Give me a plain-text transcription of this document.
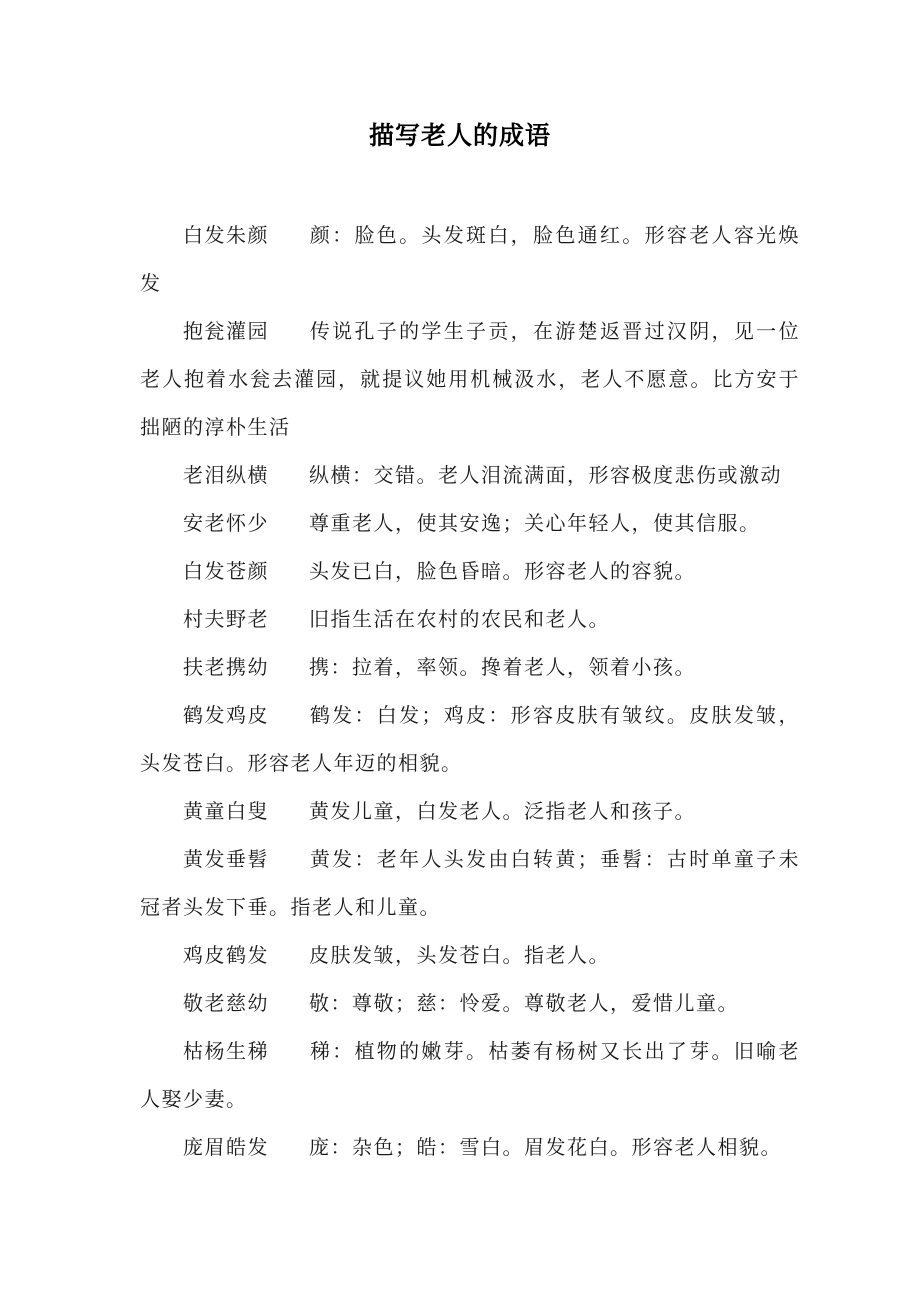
描写老人的成语

白发朱颜 颜：脸色。头发斑白，脸色通红。形容老人容光焕发

抱瓮灌园 传说孔子的学生子贡，在游楚返晋过汉阴，见一位老人抱着水瓮去灌园，就提议她用机械汲水，老人不愿意。比方安于拙陋的淳朴生活

老泪纵横 纵横：交错。老人泪流满面，形容极度悲伤或激动

安老怀少 尊重老人，使其安逸；关心年轻人，使其信服。

白发苍颜 头发已白，脸色昏暗。形容老人的容貌。

村夫野老 旧指生活在农村的农民和老人。

扶老携幼 携：拉着，率领。搀着老人，领着小孩。

鹤发鸡皮 鹤发：白发；鸡皮：形容皮肤有皱纹。皮肤发皱，头发苍白。形容老人年迈的相貌。

黄童白叟 黄发儿童，白发老人。泛指老人和孩子。

黄发垂髫 黄发：老年人头发由白转黄；垂髫：古时单童子未冠者头发下垂。指老人和儿童。

鸡皮鹤发 皮肤发皱，头发苍白。指老人。

敬老慈幼 敬：尊敬；慈：怜爱。尊敬老人，爱惜儿童。

枯杨生稊 稊：植物的嫩芽。枯萎有杨树又长出了芽。旧喻老人娶少妻。

庞眉皓发 庞：杂色；皓：雪白。眉发花白。形容老人相貌。
